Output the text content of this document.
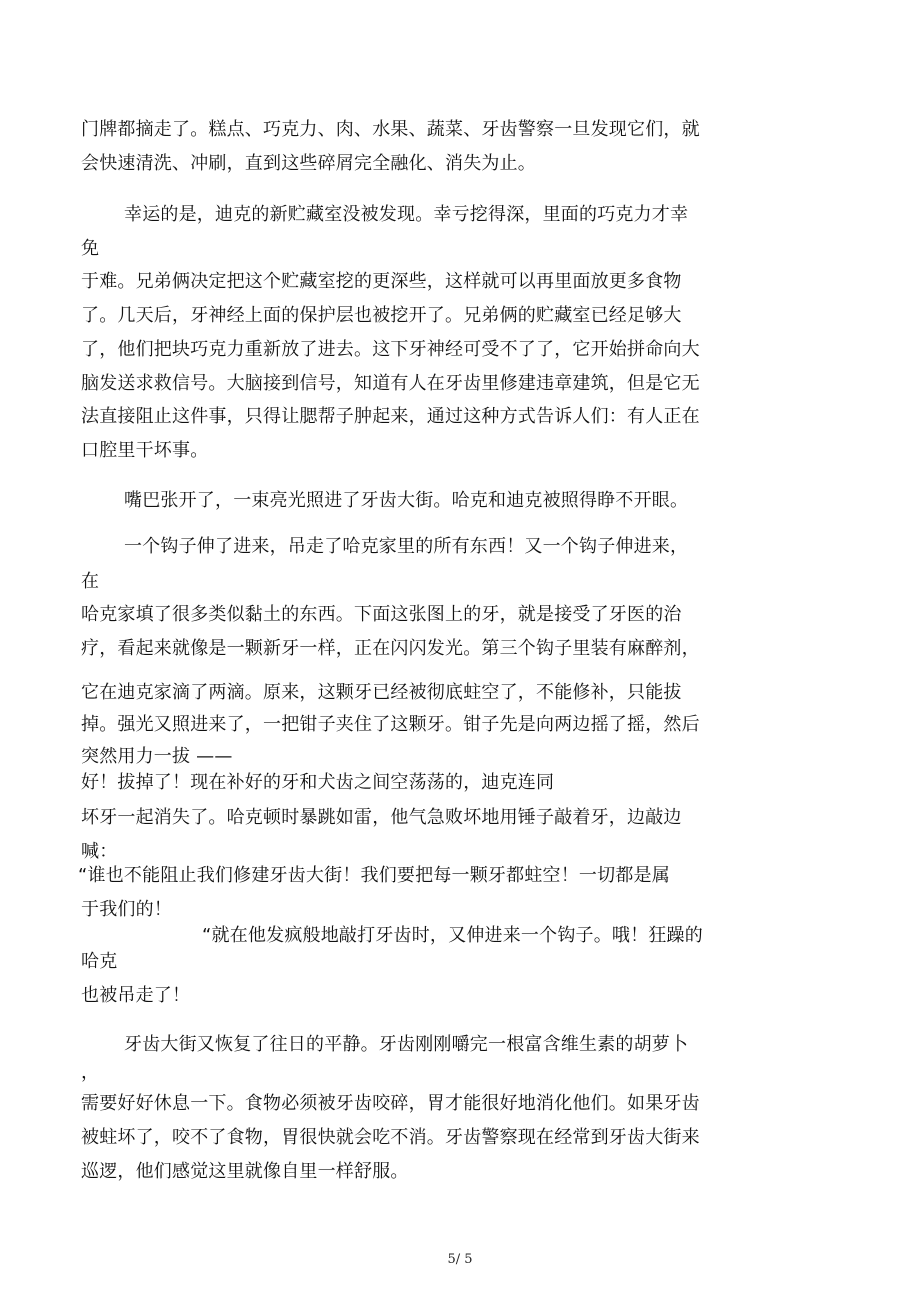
门牌都摘走了。糕点、巧克力、肉、水果、蔬菜、牙齿警察一旦发现它们，就
会快速清洗、冲刷，直到这些碎屑完全融化、消失为止。
幸运的是，迪克的新贮藏室没被发现。幸亏挖得深，里面的巧克力才幸
免
于难。兄弟俩决定把这个贮藏室挖的更深些，这样就可以再里面放更多食物
了。几天后，牙神经上面的保护层也被挖开了。兄弟俩的贮藏室已经足够大
了，他们把块巧克力重新放了进去。这下牙神经可受不了了，它开始拼命向大
脑发送求救信号。大脑接到信号，知道有人在牙齿里修建违章建筑，但是它无
法直接阻止这件事，只得让腮帮子肿起来，通过这种方式告诉人们：有人正在
口腔里干坏事。
嘴巴张开了，一束亮光照进了牙齿大街。哈克和迪克被照得睁不开眼。
一个钩子伸了进来，吊走了哈克家里的所有东西！又一个钩子伸进来，
在
哈克家填了很多类似黏土的东西。下面这张图上的牙，就是接受了牙医的治
疗，看起来就像是一颗新牙一样，正在闪闪发光。第三个钩子里装有麻醉剂，
它在迪克家滴了两滴。原来，这颗牙已经被彻底蛀空了，不能修补，只能拔
掉。强光又照进来了，一把钳子夹住了这颗牙。钳子先是向两边摇了摇，然后
突然用力一拔 ——
好！拔掉了！现在补好的牙和犬齿之间空荡荡的，迪克连同
坏牙一起消失了。哈克顿时暴跳如雷，他气急败坏地用锤子敲着牙，边敲边
喊：
“谁也不能阻止我们修建牙齿大街！我们要把每一颗牙都蛀空！一切都是属
于我们的！
“就在他发疯般地敲打牙齿时，又伸进来一个钩子。哦！狂躁的
哈克
也被吊走了！
牙齿大街又恢复了往日的平静。牙齿刚刚嚼完一根富含维生素的胡萝卜
，
需要好好休息一下。食物必须被牙齿咬碎，胃才能很好地消化他们。如果牙齿
被蛀坏了，咬不了食物，胃很快就会吃不消。牙齿警察现在经常到牙齿大街来
巡逻，他们感觉这里就像自里一样舒服。
5/ 5
